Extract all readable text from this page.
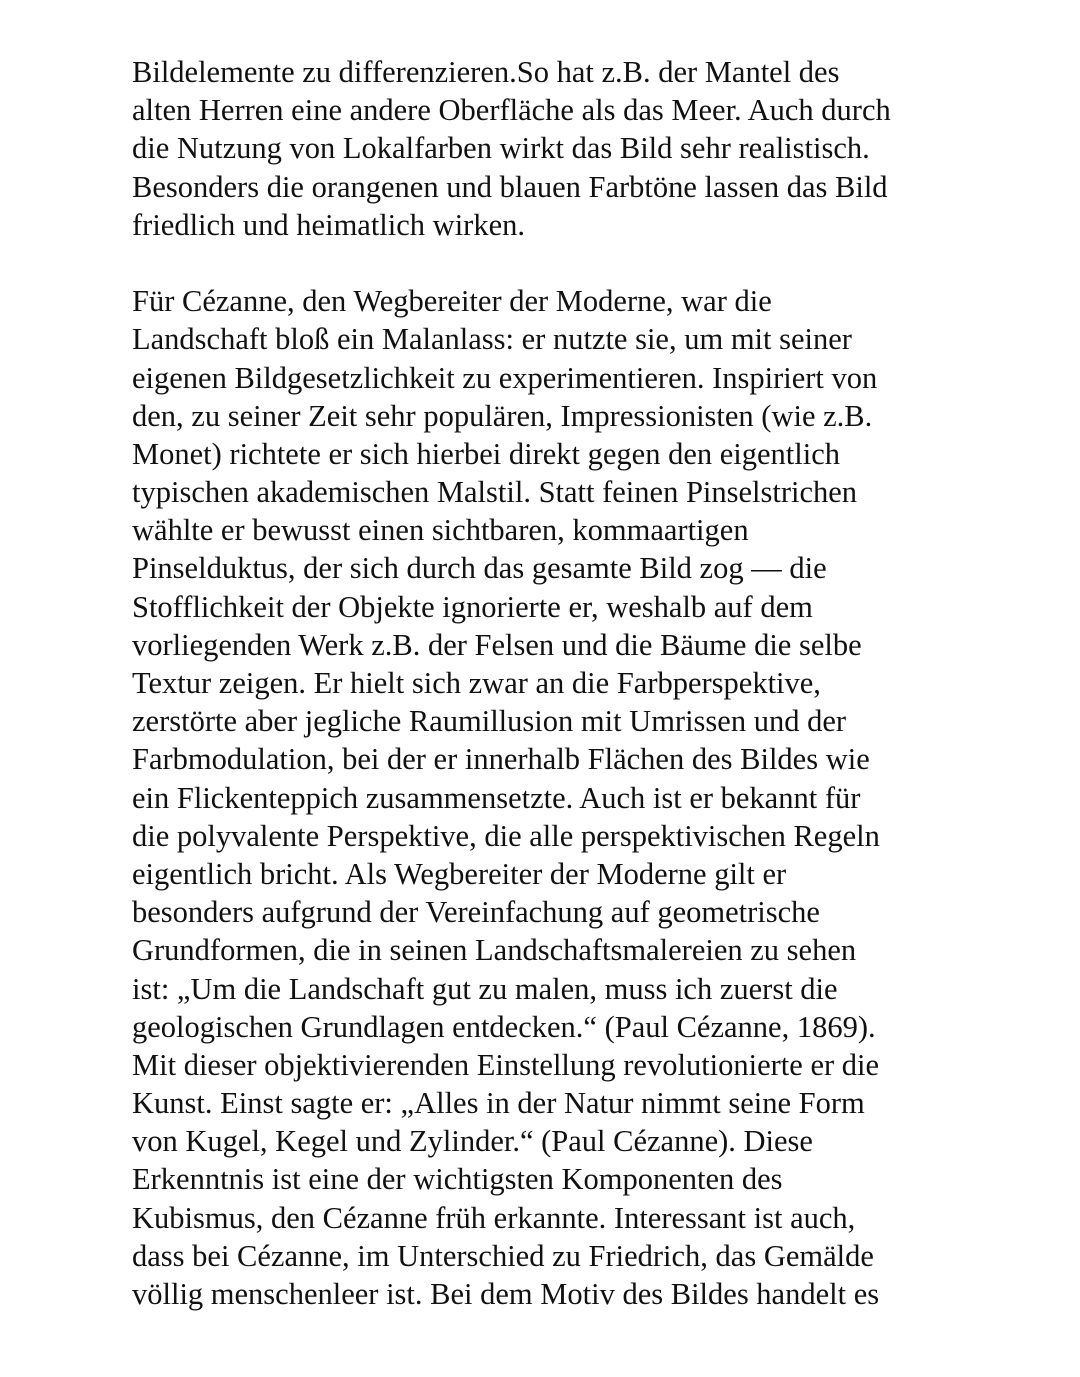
Bildelemente zu differenzieren.So hat z.B. der Mantel des
alten Herren eine andere Oberfläche als das Meer. Auch durch
die Nutzung von Lokalfarben wirkt das Bild sehr realistisch.
Besonders die orangenen und blauen Farbtöne lassen das Bild
friedlich und heimatlich wirken.
Für Cézanne, den Wegbereiter der Moderne, war die
Landschaft bloß ein Malanlass: er nutzte sie, um mit seiner
eigenen Bildgesetzlichkeit zu experimentieren. Inspiriert von
den, zu seiner Zeit sehr populären, Impressionisten (wie z.B.
Monet) richtete er sich hierbei direkt gegen den eigentlich
typischen akademischen Malstil. Statt feinen Pinselstrichen
wählte er bewusst einen sichtbaren, kommaartigen
Pinselduktus, der sich durch das gesamte Bild zog — die
Stofflichkeit der Objekte ignorierte er, weshalb auf dem
vorliegenden Werk z.B. der Felsen und die Bäume die selbe
Textur zeigen. Er hielt sich zwar an die Farbperspektive,
zerstörte aber jegliche Raumillusion mit Umrissen und der
Farbmodulation, bei der er innerhalb Flächen des Bildes wie
ein Flickenteppich zusammensetzte. Auch ist er bekannt für
die polyvalente Perspektive, die alle perspektivischen Regeln
eigentlich bricht. Als Wegbereiter der Moderne gilt er
besonders aufgrund der Vereinfachung auf geometrische
Grundformen, die in seinen Landschaftsmalereien zu sehen
ist: „Um die Landschaft gut zu malen, muss ich zuerst die
geologischen Grundlagen entdecken.“ (Paul Cézanne, 1869).
Mit dieser objektivierenden Einstellung revolutionierte er die
Kunst. Einst sagte er: „Alles in der Natur nimmt seine Form
von Kugel, Kegel und Zylinder.“ (Paul Cézanne). Diese
Erkenntnis ist eine der wichtigsten Komponenten des
Kubismus, den Cézanne früh erkannte. Interessant ist auch,
dass bei Cézanne, im Unterschied zu Friedrich, das Gemälde
völlig menschenleer ist. Bei dem Motiv des Bildes handelt es
